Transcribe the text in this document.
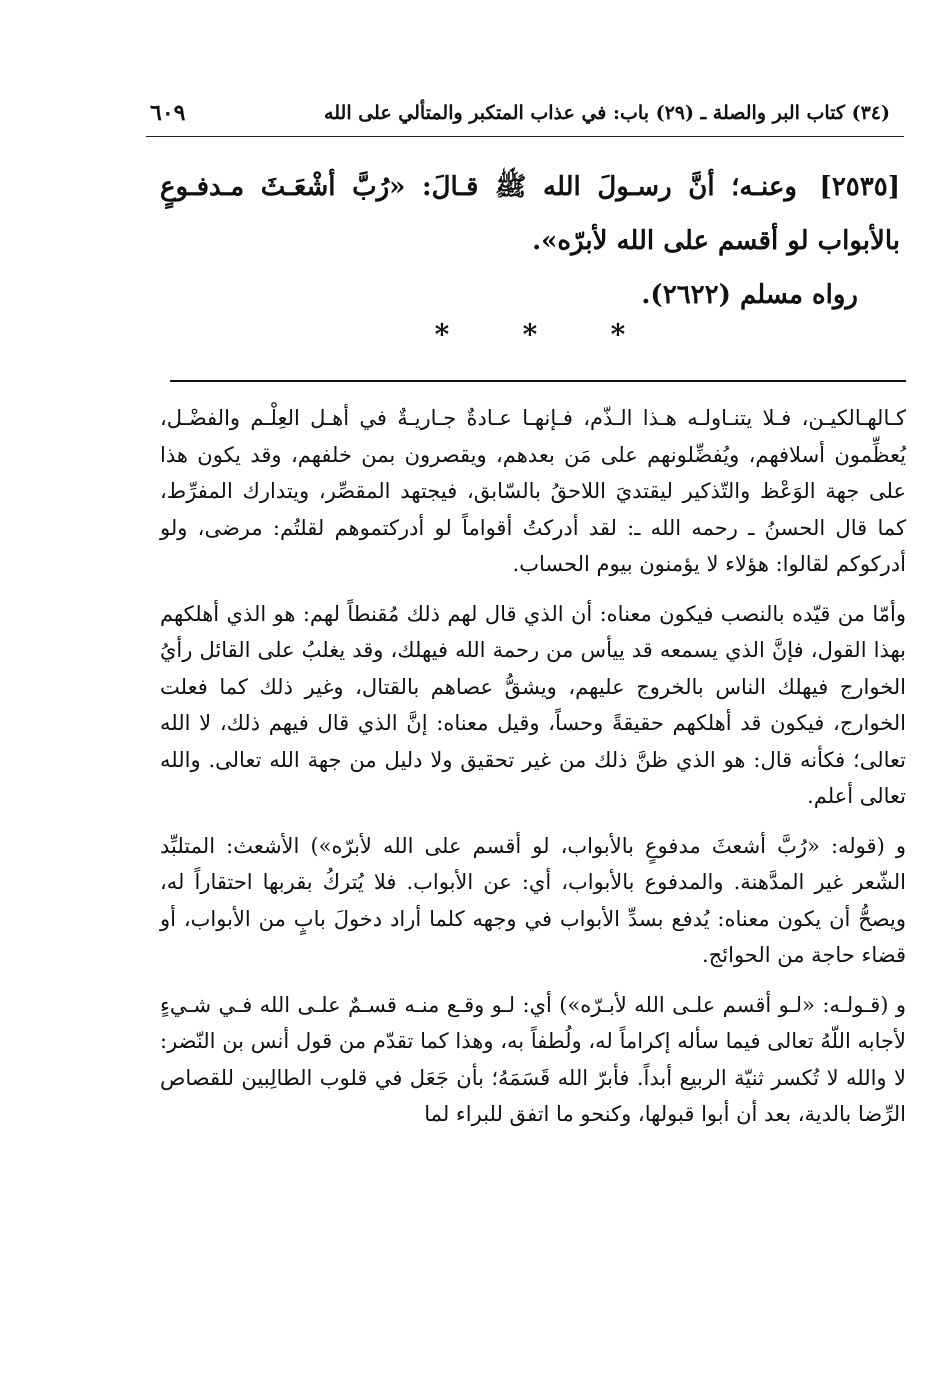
(٣٤) كتاب البر والصلة ـ (٢٩) باب: في عذاب المتكبر والمتألي على الله
٦٠٩

[٢٥٣٥] وعنـه؛ أنَّ رسـولَ الله ﷺ قـالَ: «رُبَّ أشْعَـثَ مـدفـوعٍ بالأبواب لو أقسم على الله لأبرّه».

رواه مسلم (٢٦٢٢).

*	*	*

كـالهـالكيـن، فـلا يتنـاولـه هـذا الـذّم، فـإنهـا عـادةٌ جـاريـةٌ في أهـل العِلْـم والفضْـل، يُعظِّمون أسلافهم، ويُفضِّلونهم على مَن بعدهم، ويقصرون بمن خلفهم، وقد يكون هذا على جهة الوَعْظ والتّذكير ليقتديَ اللاحقُ بالسّابق، فيجتهد المقصِّر، ويتدارك المفرِّط، كما قال الحسنُ ـ رحمه الله ـ: لقد أدركتُ أقواماً لو أدركتموهم لقلتُم: مرضى، ولو أدركوكم لقالوا: هؤلاء لا يؤمنون بيوم الحساب.

وأمّا من قيّده بالنصب فيكون معناه: أن الذي قال لهم ذلك مُقنطاً لهم: هو الذي أهلكهم بهذا القول، فإنَّ الذي يسمعه قد ييأس من رحمة الله فيهلك، وقد يغلبُ على القائل رأيُ الخوارج فيهلك الناس بالخروج عليهم، ويشقُّ عصاهم بالقتال، وغير ذلك كما فعلت الخوارج، فيكون قد أهلكهم حقيقةً وحساً، وقيل معناه: إنَّ الذي قال فيهم ذلك، لا الله تعالى؛ فكأنه قال: هو الذي ظنَّ ذلك من غير تحقيق ولا دليل من جهة الله تعالى. والله تعالى أعلم.

و (قوله: «رُبَّ أشعثَ مدفوعٍ بالأبواب، لو أقسم على الله لأبرّه») الأشعث: المتلبِّد الشّعر غير المدَّهنة. والمدفوع بالأبواب، أي: عن الأبواب. فلا يُتركُ بقربها احتقاراً له، ويصحُّ أن يكون معناه: يُدفع بسدِّ الأبواب في وجهه كلما أراد دخولَ بابٍ من الأبواب، أو قضاء حاجة من الحوائج.

و (قـولـه: «لـو أقسم علـى الله لأبـرّه») أي: لـو وقـع منـه قسـمٌ علـى الله فـي شـيءٍ لأجابه اللّهُ تعالى فيما سأله إكراماً له، ولُطفاً به، وهذا كما تقدّم من قول أنس بن النّضر: لا والله لا تُكسر ثنيّة الربيع أبداً. فأبرّ الله قَسَمَهُ؛ بأن جَعَل في قلوب الطالِبين للقصاص الرِّضا بالدية، بعد أن أبوا قبولها، وكنحو ما اتفق للبراء لما
